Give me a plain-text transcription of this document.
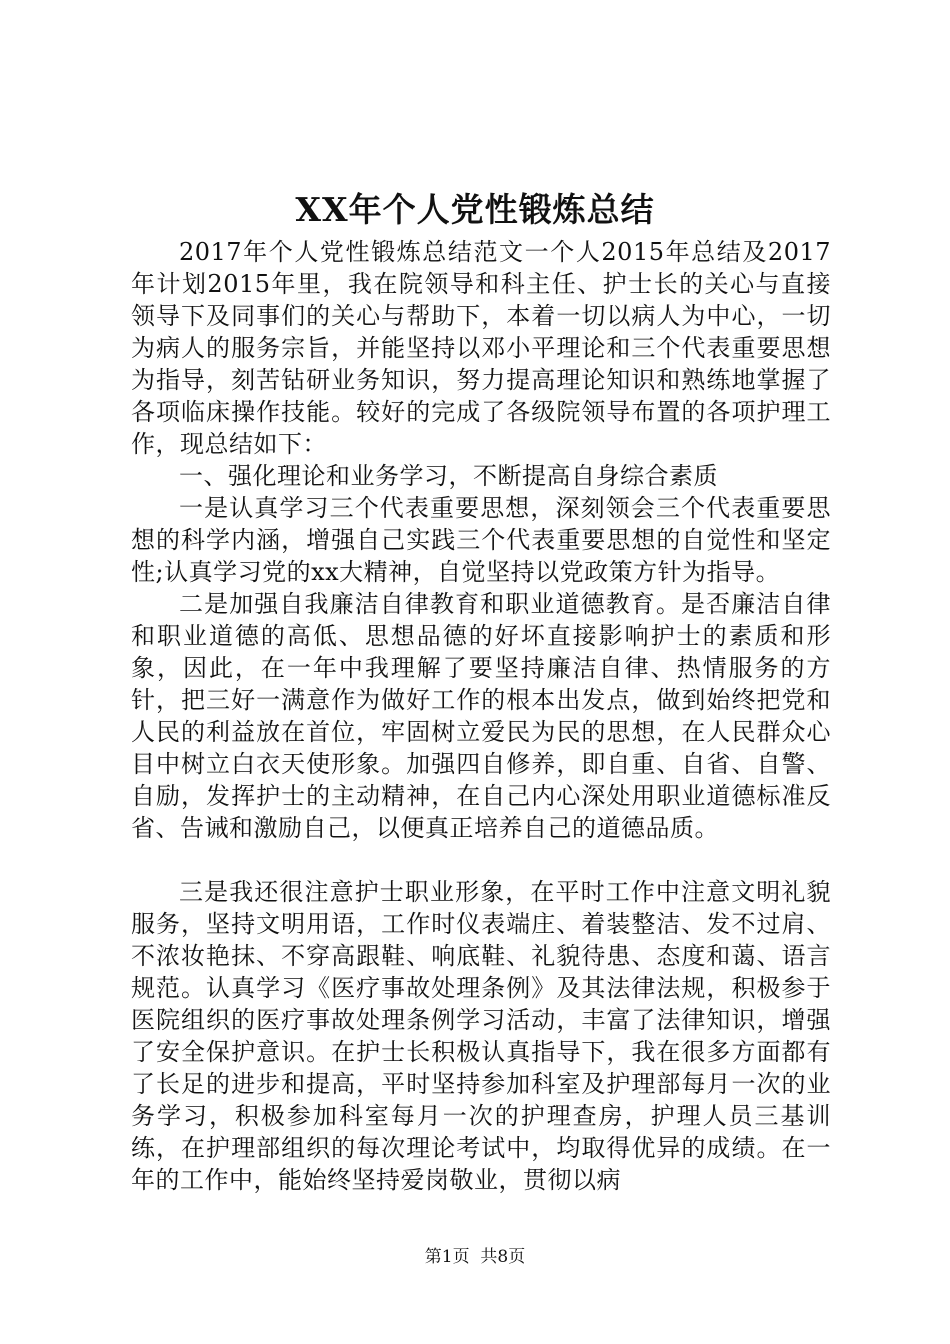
XX年个人党性锻炼总结

2017年个人党性锻炼总结范文一个人2015年总结及2017年计划2015年里，我在院领导和科主任、护士长的关心与直接领导下及同事们的关心与帮助下，本着一切以病人为中心，一切为病人的服务宗旨，并能坚持以邓小平理论和三个代表重要思想为指导，刻苦钻研业务知识，努力提高理论知识和熟练地掌握了各项临床操作技能。较好的完成了各级院领导布置的各项护理工作，现总结如下：

一、强化理论和业务学习，不断提高自身综合素质

一是认真学习三个代表重要思想，深刻领会三个代表重要思想的科学内涵，增强自己实践三个代表重要思想的自觉性和坚定性;认真学习党的xx大精神，自觉坚持以党政策方针为指导。

二是加强自我廉洁自律教育和职业道德教育。是否廉洁自律和职业道德的高低、思想品德的好坏直接影响护士的素质和形象，因此，在一年中我理解了要坚持廉洁自律、热情服务的方针，把三好一满意作为做好工作的根本出发点，做到始终把党和人民的利益放在首位，牢固树立爱民为民的思想，在人民群众心目中树立白衣天使形象。加强四自修养，即自重、自省、自警、自励，发挥护士的主动精神，在自己内心深处用职业道德标准反省、告诫和激励自己，以便真正培养自己的道德品质。

三是我还很注意护士职业形象，在平时工作中注意文明礼貌服务，坚持文明用语，工作时仪表端庄、着装整洁、发不过肩、不浓妆艳抹、不穿高跟鞋、响底鞋、礼貌待患、态度和蔼、语言规范。认真学习《医疗事故处理条例》及其法律法规，积极参于医院组织的医疗事故处理条例学习活动，丰富了法律知识，增强了安全保护意识。在护士长积极认真指导下，我在很多方面都有了长足的进步和提高，平时坚持参加科室及护理部每月一次的业务学习，积极参加科室每月一次的护理查房，护理人员三基训练，在护理部组织的每次理论考试中，均取得优异的成绩。在一年的工作中，能始终坚持爱岗敬业，贯彻以病

第1页 共8页
